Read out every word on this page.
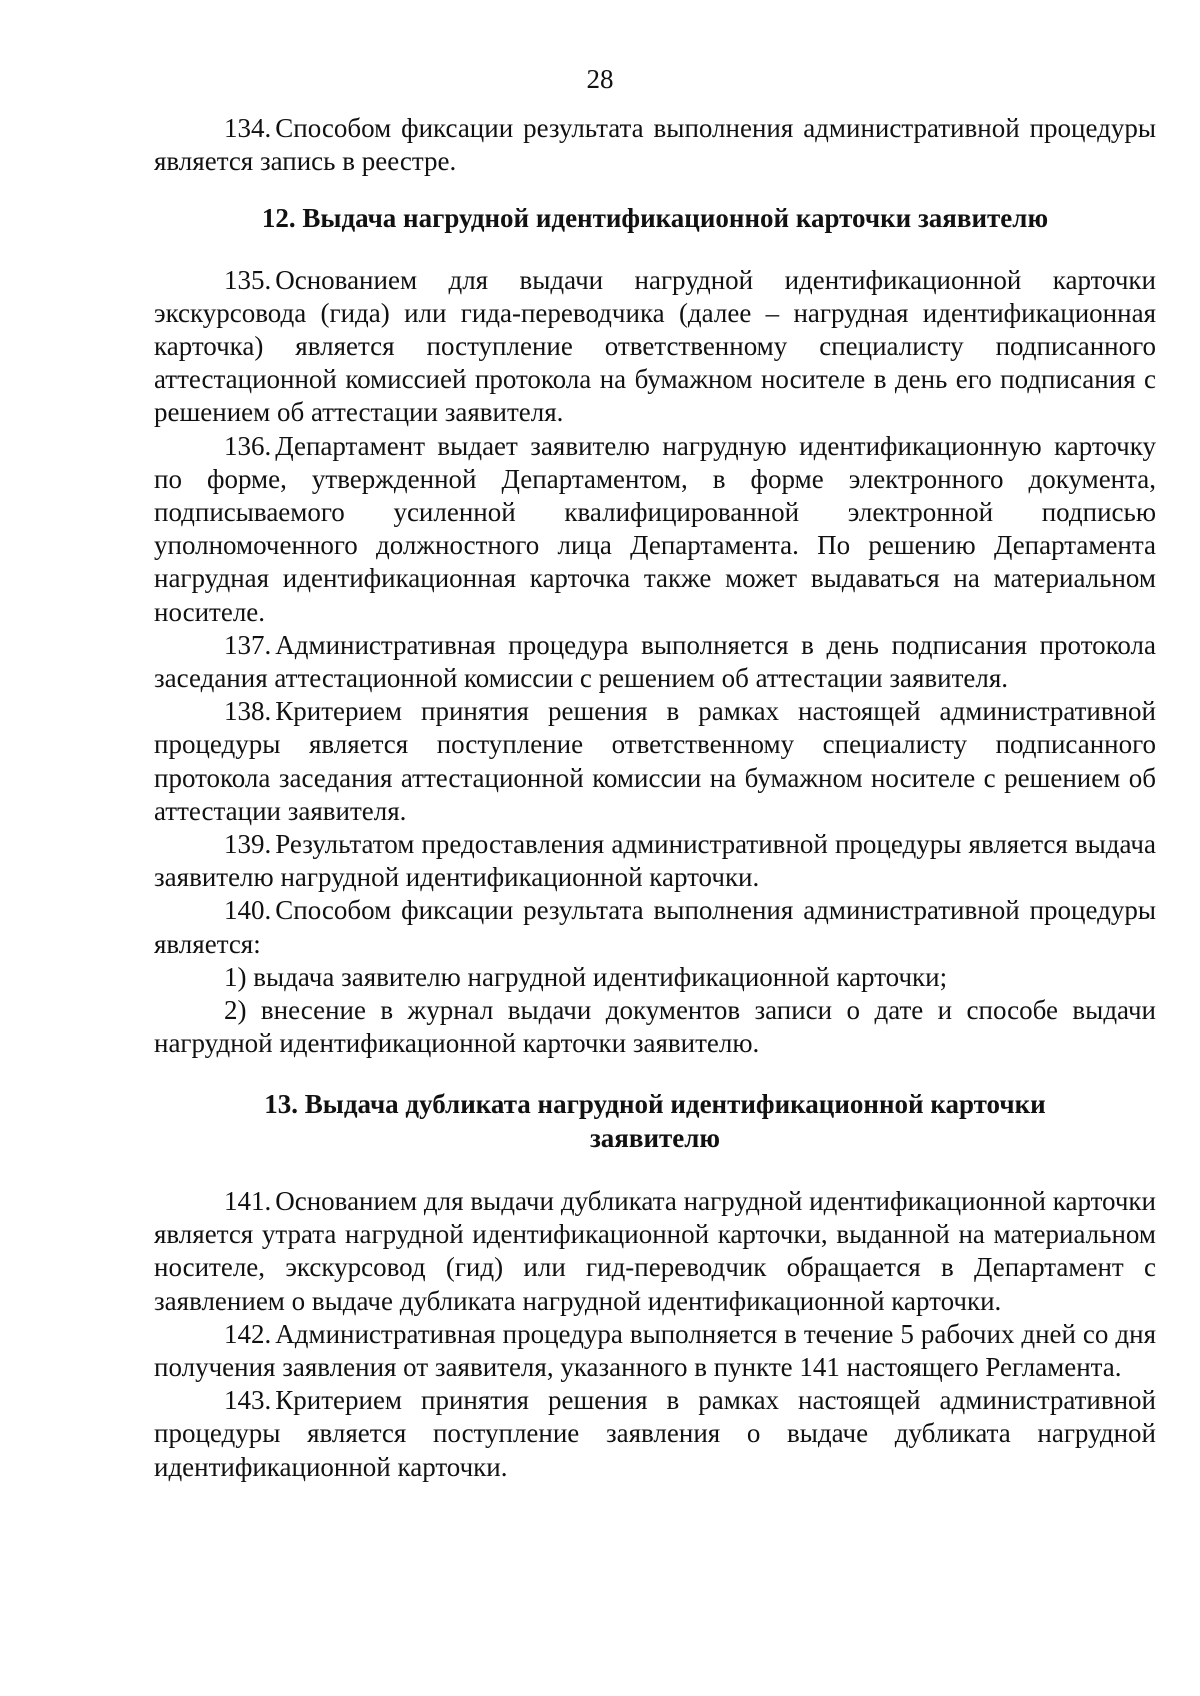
28

134. Способом фиксации результата выполнения административной процедуры является запись в реестре.

12. Выдача нагрудной идентификационной карточки заявителю

135. Основанием для выдачи нагрудной идентификационной карточки экскурсовода (гида) или гида-переводчика (далее – нагрудная идентификационная карточка) является поступление ответственному специалисту подписанного аттестационной комиссией протокола на бумажном носителе в день его подписания с решением об аттестации заявителя.

136. Департамент выдает заявителю нагрудную идентификационную карточку по форме, утвержденной Департаментом, в форме электронного документа, подписываемого усиленной квалифицированной электронной подписью уполномоченного должностного лица Департамента. По решению Департамента нагрудная идентификационная карточка также может выдаваться на материальном носителе.

137. Административная процедура выполняется в день подписания протокола заседания аттестационной комиссии с решением об аттестации заявителя.

138. Критерием принятия решения в рамках настоящей административной процедуры является поступление ответственному специалисту подписанного протокола заседания аттестационной комиссии на бумажном носителе с решением об аттестации заявителя.

139. Результатом предоставления административной процедуры является выдача заявителю нагрудной идентификационной карточки.

140. Способом фиксации результата выполнения административной процедуры является:

1) выдача заявителю нагрудной идентификационной карточки;

2) внесение в журнал выдачи документов записи о дате и способе выдачи нагрудной идентификационной карточки заявителю.

13. Выдача дубликата нагрудной идентификационной карточки заявителю

141. Основанием для выдачи дубликата нагрудной идентификационной карточки является утрата нагрудной идентификационной карточки, выданной на материальном носителе, экскурсовод (гид) или гид-переводчик обращается в Департамент с заявлением о выдаче дубликата нагрудной идентификационной карточки.

142. Административная процедура выполняется в течение 5 рабочих дней со дня получения заявления от заявителя, указанного в пункте 141 настоящего Регламента.

143. Критерием принятия решения в рамках настоящей административной процедуры является поступление заявления о выдаче дубликата нагрудной идентификационной карточки.
